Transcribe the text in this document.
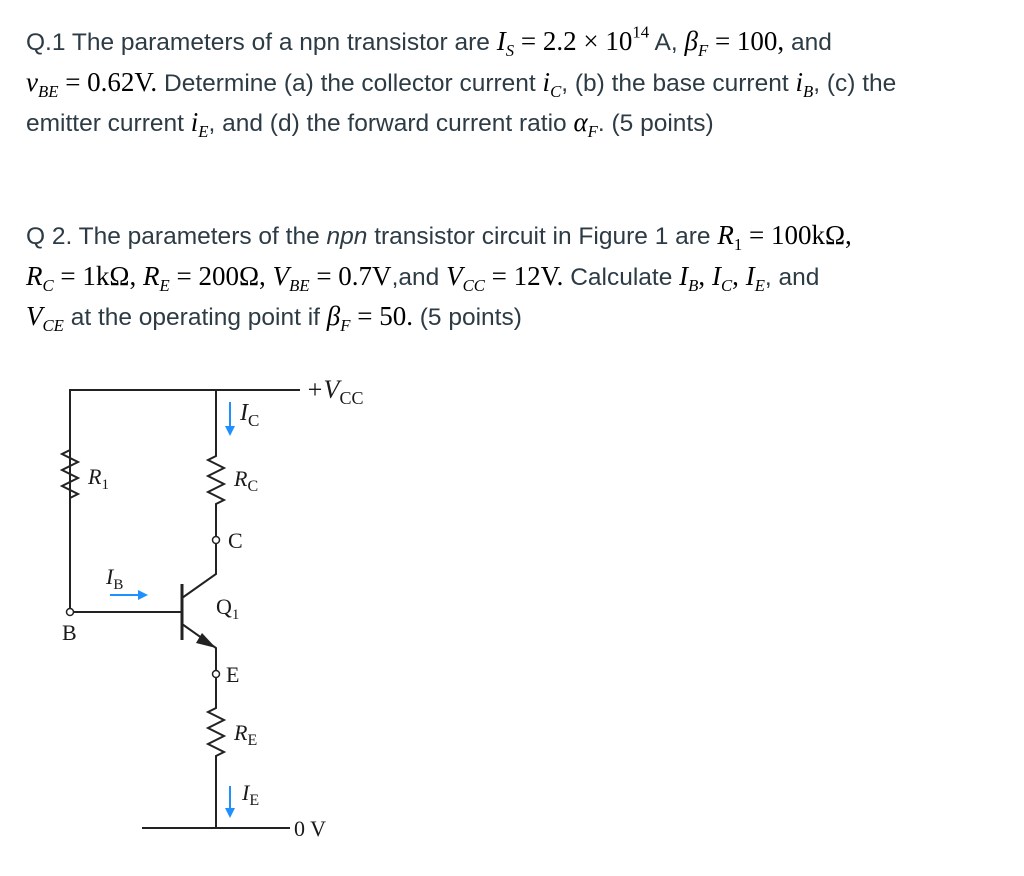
Q.1 The parameters of a npn transistor are $I_S = 2.2 \times 10^{14}$ A, $\beta_F = 100$, and
$v_{BE} = 0.62V$. Determine (a) the collector current $i_C$, (b) the base current $i_B$, (c) the
emitter current $i_E$, and (d) the forward current ratio $\alpha_F$. (5 points)
Q 2. The parameters of the npn transistor circuit in Figure 1 are $R_1 = 100k\Omega$,
$R_C = 1k\Omega$, $R_E = 200\Omega$, $V_{BE} = 0.7V,and$ $V_{CC} = 12V$. Calculate $I_B$, $I_C$, $I_E$, and
$V_{CE}$ at the operating point if $\beta_F = 50$. (5 points)
$+V_{CC}$
$I_C$
$R_1$	$R_C$
C
$I_B$
$Q_1$
B
E
$R_E$
$I_E$
0 V
